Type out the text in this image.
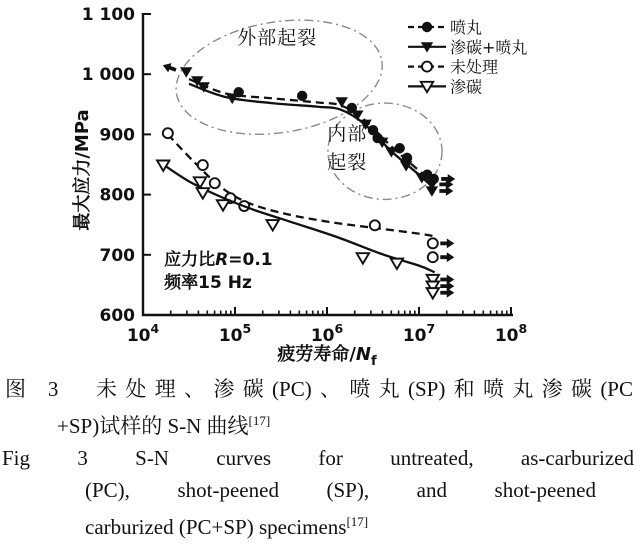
1 100
1 000
900
800
700
600
$10^4$	$10^5$	$10^6$	$10^7$	$10^8$
最大应力/MPa
疲劳寿命$/N_f$
喷丸
渗碳+喷丸
未处理
渗碳
外部起裂
内部
起裂
应力比R=0.1
频率15 Hz
图 3　未处理、渗碳(PC)、喷丸(SP)和喷丸渗碳(PC
+SP)试样的 S-N 曲线[17]
Fig 3 S-N curves for untreated, as-carburized
(PC), shot-peened (SP), and shot-peened
carburized (PC+SP) specimens[17]
